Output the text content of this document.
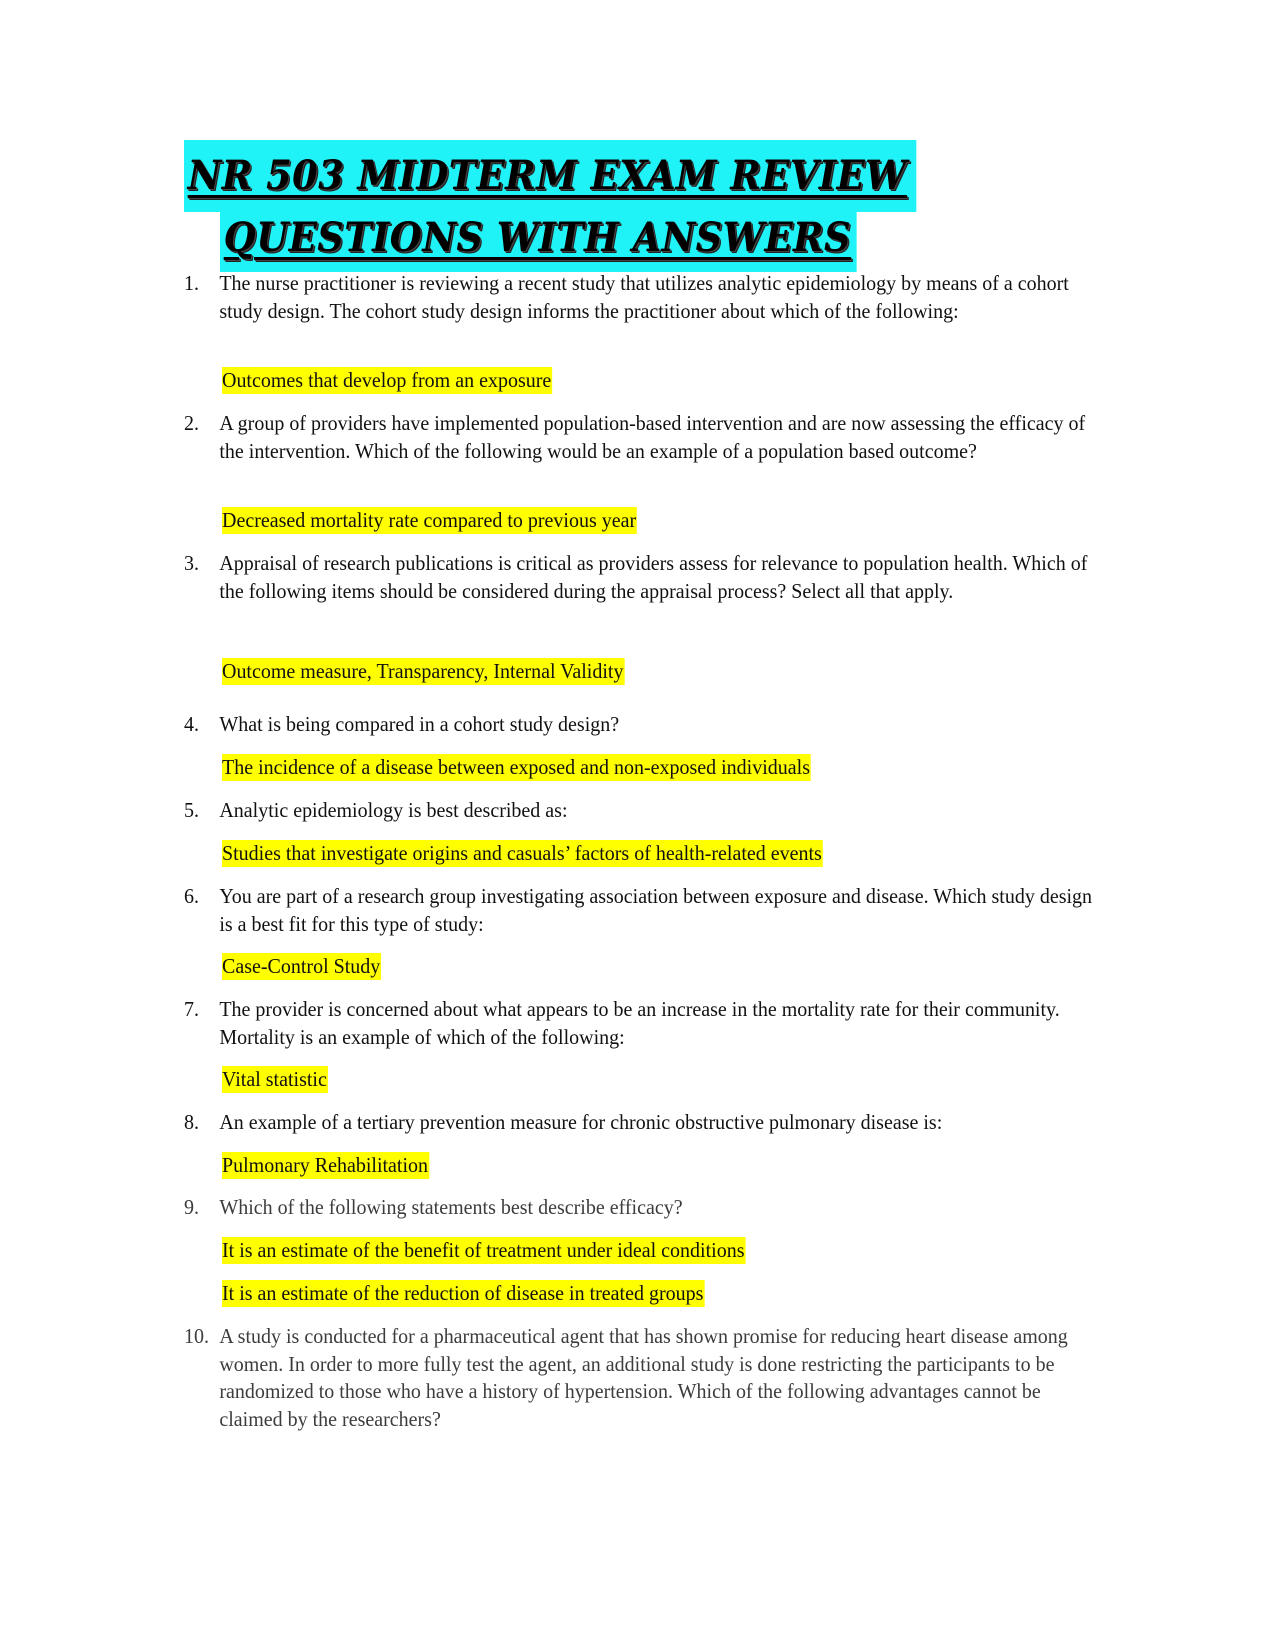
NR 503 MIDTERM EXAM REVIEW
QUESTIONS WITH ANSWERS
1. The nurse practitioner is reviewing a recent study that utilizes analytic epidemiology by means of a cohort study design. The cohort study design informs the practitioner about which of the following:
Outcomes that develop from an exposure
2. A group of providers have implemented population-based intervention and are now assessing the efficacy of the intervention. Which of the following would be an example of a population based outcome?
Decreased mortality rate compared to previous year
3. Appraisal of research publications is critical as providers assess for relevance to population health. Which of the following items should be considered during the appraisal process? Select all that apply.
Outcome measure, Transparency, Internal Validity
4. What is being compared in a cohort study design?
The incidence of a disease between exposed and non-exposed individuals
5. Analytic epidemiology is best described as:
Studies that investigate origins and casuals’ factors of health-related events
6. You are part of a research group investigating association between exposure and disease. Which study design is a best fit for this type of study:
Case-Control Study
7. The provider is concerned about what appears to be an increase in the mortality rate for their community. Mortality is an example of which of the following:
Vital statistic
8. An example of a tertiary prevention measure for chronic obstructive pulmonary disease is:
Pulmonary Rehabilitation
9. Which of the following statements best describe efficacy?
It is an estimate of the benefit of treatment under ideal conditions
It is an estimate of the reduction of disease in treated groups
10. A study is conducted for a pharmaceutical agent that has shown promise for reducing heart disease among women. In order to more fully test the agent, an additional study is done restricting the participants to be randomized to those who have a history of hypertension. Which of the following advantages cannot be claimed by the researchers?
